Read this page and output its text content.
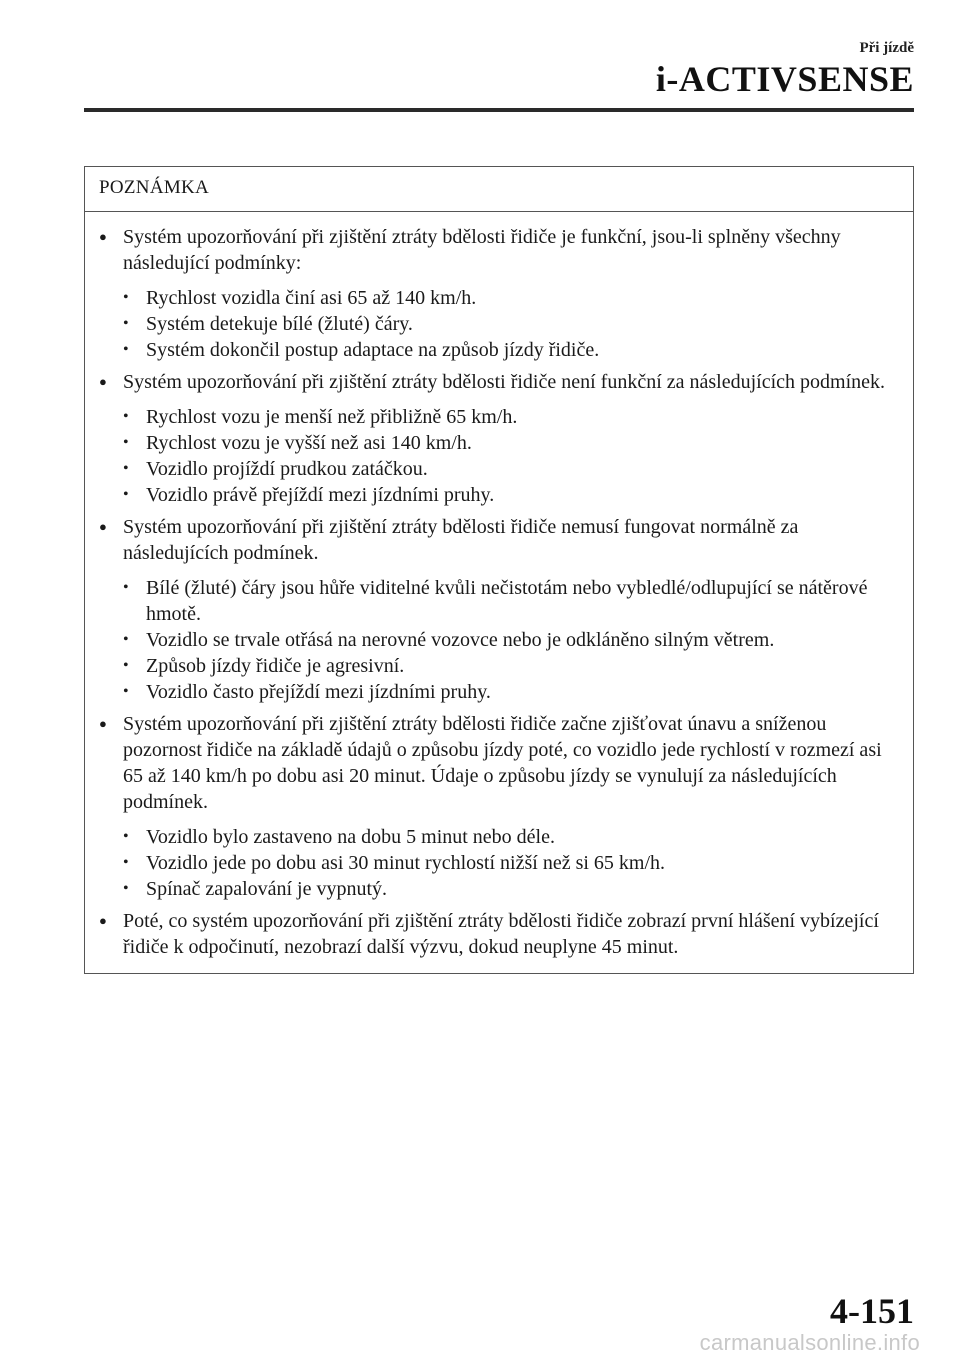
Při jízdě
i-ACTIVSENSE
POZNÁMKA
● Systém upozorňování při zjištění ztráty bdělosti řidiče je funkční, jsou-li splněny všechny následující podmínky:
• Rychlost vozidla činí asi 65 až 140 km/h.
• Systém detekuje bílé (žluté) čáry.
• Systém dokončil postup adaptace na způsob jízdy řidiče.
● Systém upozorňování při zjištění ztráty bdělosti řidiče není funkční za následujících podmínek.
• Rychlost vozu je menší než přibližně 65 km/h.
• Rychlost vozu je vyšší než asi 140 km/h.
• Vozidlo projíždí prudkou zatáčkou.
• Vozidlo právě přejíždí mezi jízdními pruhy.
● Systém upozorňování při zjištění ztráty bdělosti řidiče nemusí fungovat normálně za následujících podmínek.
• Bílé (žluté) čáry jsou hůře viditelné kvůli nečistotám nebo vybledlé/odlupující se nátěrové hmotě.
• Vozidlo se trvale otřásá na nerovné vozovce nebo je odkláněno silným větrem.
• Způsob jízdy řidiče je agresivní.
• Vozidlo často přejíždí mezi jízdními pruhy.
● Systém upozorňování při zjištění ztráty bdělosti řidiče začne zjišťovat únavu a sníženou pozornost řidiče na základě údajů o způsobu jízdy poté, co vozidlo jede rychlostí v rozmezí asi 65 až 140 km/h po dobu asi 20 minut. Údaje o způsobu jízdy se vynulují za následujících podmínek.
• Vozidlo bylo zastaveno na dobu 5 minut nebo déle.
• Vozidlo jede po dobu asi 30 minut rychlostí nižší než si 65 km/h.
• Spínač zapalování je vypnutý.
● Poté, co systém upozorňování při zjištění ztráty bdělosti řidiče zobrazí první hlášení vybízející řidiče k odpočinutí, nezobrazí další výzvu, dokud neuplyne 45 minut.
4-151
carmanualsonline.info
